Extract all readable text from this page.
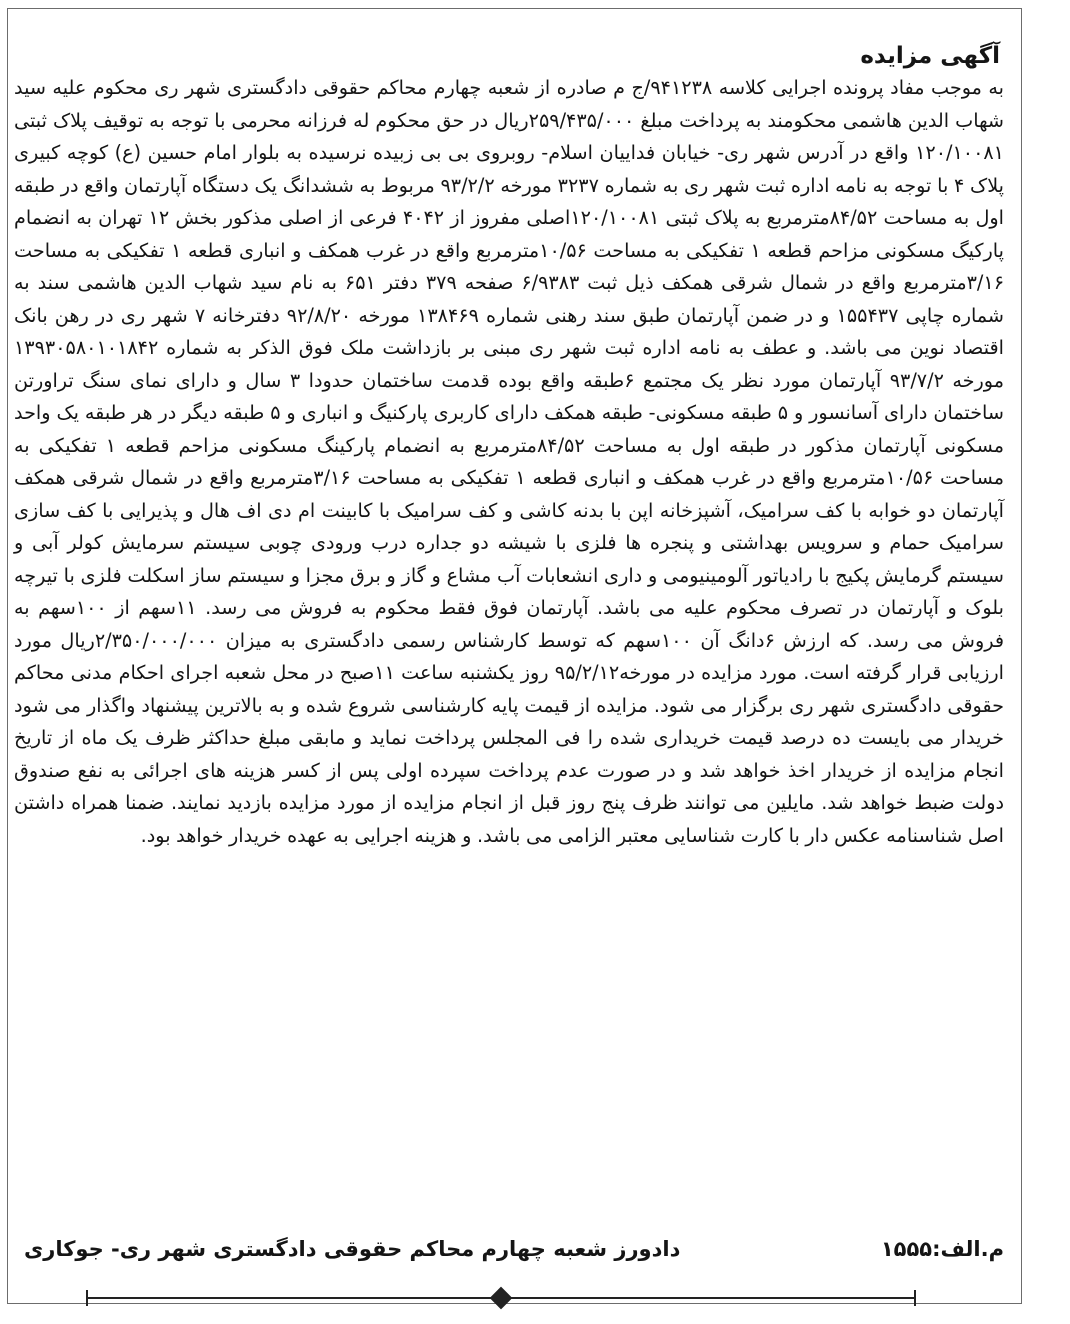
آگهی مزایده

به موجب مفاد پرونده اجرایی کلاسه ۹۴۱۲۳۸/ج م صادره از شعبه چهارم محاکم حقوقی دادگستری شهر ری محکوم علیه سید شهاب الدین هاشمی محکومند به پرداخت مبلغ ۲۵۹/۴۳۵/۰۰۰ریال در حق محکوم له فرزانه محرمی با توجه به توقیف پلاک ثبتی ۱۲۰/۱۰۰۸۱ واقع در آدرس شهر ری- خیابان فداییان اسلام- روبروی بی بی زبیده نرسیده به بلوار امام حسین (ع) کوچه کبیری پلاک ۴ با توجه به نامه اداره ثبت شهر ری به شماره ۳۲۳۷ مورخه ۹۳/۲/۲ مربوط به ششدانگ یک دستگاه آپارتمان واقع در طبقه اول به مساحت ۸۴/۵۲مترمربع به پلاک ثبتی ۱۲۰/۱۰۰۸۱اصلی مفروز از ۴۰۴۲ فرعی از اصلی مذکور بخش ۱۲ تهران به انضمام پارکیگ مسکونی مزاحم قطعه ۱ تفکیکی به مساحت ۱۰/۵۶مترمربع واقع در غرب همکف و انباری قطعه ۱ تفکیکی به مساحت ۳/۱۶مترمربع واقع در شمال شرقی همکف ذیل ثبت ۶/۹۳۸۳ صفحه ۳۷۹ دفتر ۶۵۱ به نام سید شهاب الدین هاشمی سند به شماره چاپی ۱۵۵۴۳۷ و در ضمن آپارتمان طبق سند رهنی شماره ۱۳۸۴۶۹ مورخه ۹۲/۸/۲۰ دفترخانه ۷ شهر ری در رهن بانک اقتصاد نوین می باشد. و عطف به نامه اداره ثبت شهر ری مبنی بر بازداشت ملک فوق الذکر به شماره ۱۳۹۳۰۵۸۰۱۰۱۸۴۲ مورخه ۹۳/۷/۲ آپارتمان مورد نظر یک مجتمع ۶طبقه واقع بوده قدمت ساختمان حدودا ۳ سال و دارای نمای سنگ تراورتن ساختمان دارای آسانسور و ۵ طبقه مسکونی- طبقه همکف دارای کاربری پارکنیگ و انباری و ۵ طبقه دیگر در هر طبقه یک واحد مسکونی آپارتمان مذکور در طبقه اول به مساحت ۸۴/۵۲مترمربع به انضمام پارکینگ مسکونی مزاحم قطعه ۱ تفکیکی به مساحت ۱۰/۵۶مترمربع واقع در غرب همکف و انباری قطعه ۱ تفکیکی به مساحت ۳/۱۶مترمربع واقع در شمال شرقی همکف آپارتمان دو خوابه با کف سرامیک، آشپزخانه اپن با بدنه کاشی و کف سرامیک با کابینت ام دی اف هال و پذیرایی با کف سازی سرامیک حمام و سرویس بهداشتی و پنجره ها فلزی با شیشه دو جداره درب ورودی چوبی سیستم سرمایش کولر آبی و سیستم گرمایش پکیج با رادیاتور آلومینیومی و داری انشعابات آب مشاع و گاز و برق مجزا و سیستم ساز اسکلت فلزی با تیرچه بلوک و آپارتمان در تصرف محکوم علیه می باشد. آپارتمان فوق فقط محکوم به فروش می رسد. ۱۱سهم از ۱۰۰سهم به فروش می رسد. که ارزش ۶دانگ آن ۱۰۰سهم که توسط کارشناس رسمی دادگستری به میزان ۲/۳۵۰/۰۰۰/۰۰۰ریال مورد ارزیابی قرار گرفته است. مورد مزایده در مورخه۹۵/۲/۱۲ روز یکشنبه ساعت ۱۱صبح در محل شعبه اجرای احکام مدنی محاکم حقوقی دادگستری شهر ری برگزار می شود. مزایده از قیمت پایه کارشناسی شروع شده و به بالاترین پیشنهاد واگذار می شود خریدار می بایست ده درصد قیمت خریداری شده را فی المجلس پرداخت نماید و مابقی مبلغ حداکثر ظرف یک ماه از تاریخ انجام مزایده از خریدار اخذ خواهد شد و در صورت عدم پرداخت سپرده اولی پس از کسر هزینه های اجرائی به نفع صندوق دولت ضبط خواهد شد. مایلین می توانند ظرف پنج روز قبل از انجام مزایده از مورد مزایده بازدید نمایند. ضمنا همراه داشتن اصل شناسنامه عکس دار با کارت شناسایی معتبر الزامی می باشد. و هزینه اجرایی به عهده خریدار خواهد بود.

م.الف:۱۵۵۵
دادورز شعبه چهارم محاکم حقوقی دادگستری شهر ری- جوکاری
